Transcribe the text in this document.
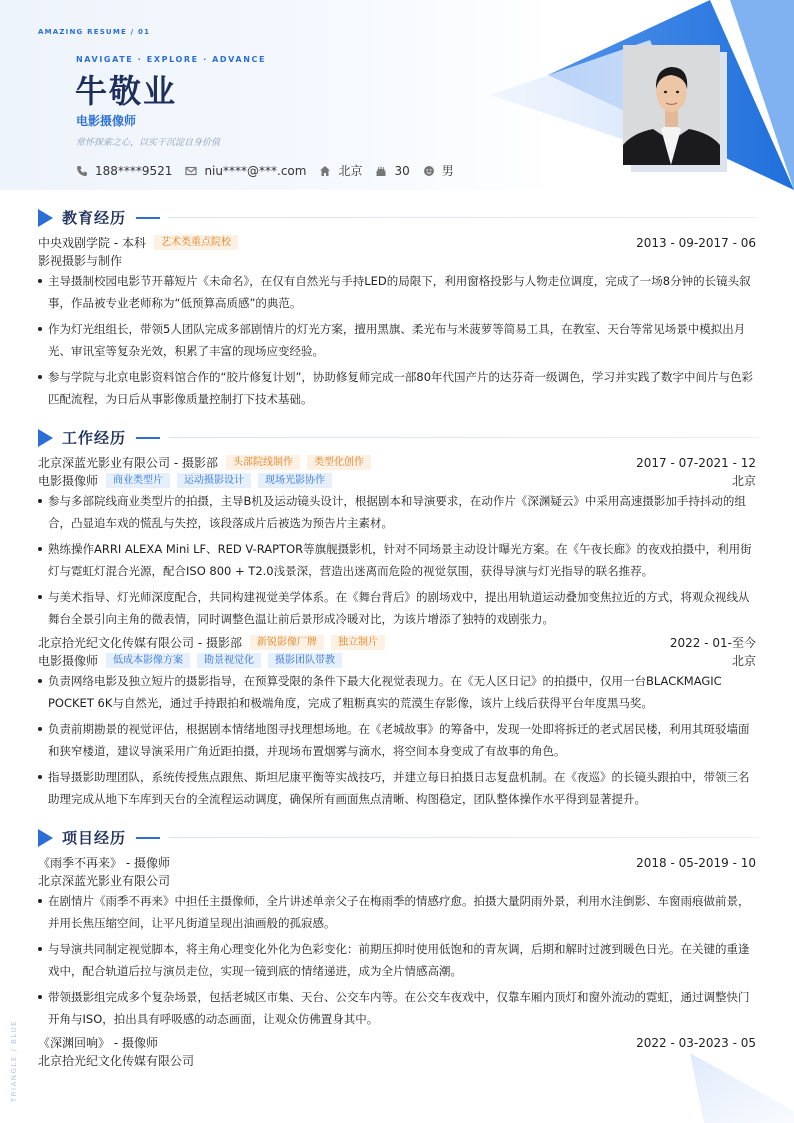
AMAZING RESUME / 01
NAVIGATE · EXPLORE · ADVANCE
牛敬业
电影摄像师
常怀探索之心，以实干沉淀自身价值
188****9521	niu****@***.com	北京	30	男
教育经历
中央戏剧学院 - 本科	艺术类重点院校	2013 - 09-2017 - 06
影视摄影与制作
主导摄制校园电影节开幕短片《未命名》，在仅有自然光与手持LED的局限下，利用窗格投影与人物走位调度，完成了一场8分钟的长镜头叙事，作品被专业老师称为“低预算高质感”的典范。
作为灯光组组长，带领5人团队完成多部剧情片的灯光方案，擅用黑旗、柔光布与米菠萝等简易工具，在教室、天台等常见场景中模拟出月光、审讯室等复杂光效，积累了丰富的现场应变经验。
参与学院与北京电影资料馆合作的“胶片修复计划”，协助修复师完成一部80年代国产片的达芬奇一级调色，学习并实践了数字中间片与色彩匹配流程，为日后从事影像质量控制打下技术基础。
工作经历
北京深蓝光影业有限公司 - 摄影部	头部院线制作	类型化创作	2017 - 07-2021 - 12
电影摄像师	商业类型片	运动摄影设计	现场光影协作	北京
参与多部院线商业类型片的拍摄，主导B机及运动镜头设计，根据剧本和导演要求，在动作片《深渊疑云》中采用高速摄影加手持抖动的组合，凸显追车戏的慌乱与失控，该段落成片后被选为预告片主素材。
熟练操作ARRI ALEXA Mini LF、RED V-RAPTOR等旗舰摄影机，针对不同场景主动设计曝光方案。在《午夜长廊》的夜戏拍摄中，利用街灯与霓虹灯混合光源，配合ISO 800 + T2.0浅景深，营造出迷离而危险的视觉氛围，获得导演与灯光指导的联名推荐。
与美术指导、灯光师深度配合，共同构建视觉美学体系。在《舞台背后》的剧场戏中，提出用轨道运动叠加变焦拉近的方式，将观众视线从舞台全景引向主角的微表情，同时调整色温让前后景形成冷暖对比，为该片增添了独特的戏剧张力。
北京拾光纪文化传媒有限公司 - 摄影部	新锐影像厂牌	独立制片	2022 - 01-至今
电影摄像师	低成本影像方案	勘景视觉化	摄影团队带教	北京
负责网络电影及独立短片的摄影指导，在预算受限的条件下最大化视觉表现力。在《无人区日记》的拍摄中，仅用一台BLACKMAGIC POCKET 6K与自然光，通过手持跟拍和极端角度，完成了粗粝真实的荒漠生存影像，该片上线后获得平台年度黑马奖。
负责前期勘景的视觉评估，根据剧本情绪地图寻找理想场地。在《老城故事》的筹备中，发现一处即将拆迁的老式居民楼，利用其斑驳墙面和狭窄楼道，建议导演采用广角近距拍摄，并现场布置烟雾与滴水，将空间本身变成了有故事的角色。
指导摄影助理团队，系统传授焦点跟焦、斯坦尼康平衡等实战技巧，并建立每日拍摄日志复盘机制。在《夜巡》的长镜头跟拍中，带领三名助理完成从地下车库到天台的全流程运动调度，确保所有画面焦点清晰、构图稳定，团队整体操作水平得到显著提升。
项目经历
《雨季不再来》 - 摄像师	2018 - 05-2019 - 10
北京深蓝光影业有限公司
在剧情片《雨季不再来》中担任主摄像师，全片讲述单亲父子在梅雨季的情感疗愈。拍摄大量阴雨外景，利用水洼倒影、车窗雨痕做前景，并用长焦压缩空间，让平凡街道呈现出油画般的孤寂感。
与导演共同制定视觉脚本，将主角心理变化外化为色彩变化：前期压抑时使用低饱和的青灰调，后期和解时过渡到暖色日光。在关键的重逢戏中，配合轨道后拉与演员走位，实现一镜到底的情绪递进，成为全片情感高潮。
带领摄影组完成多个复杂场景，包括老城区市集、天台、公交车内等。在公交车夜戏中，仅靠车厢内顶灯和窗外流动的霓虹，通过调整快门开角与ISO，拍出具有呼吸感的动态画面，让观众仿佛置身其中。
《深渊回响》 - 摄像师	2022 - 03-2023 - 05
北京拾光纪文化传媒有限公司
TRIANGLE / BLUE
